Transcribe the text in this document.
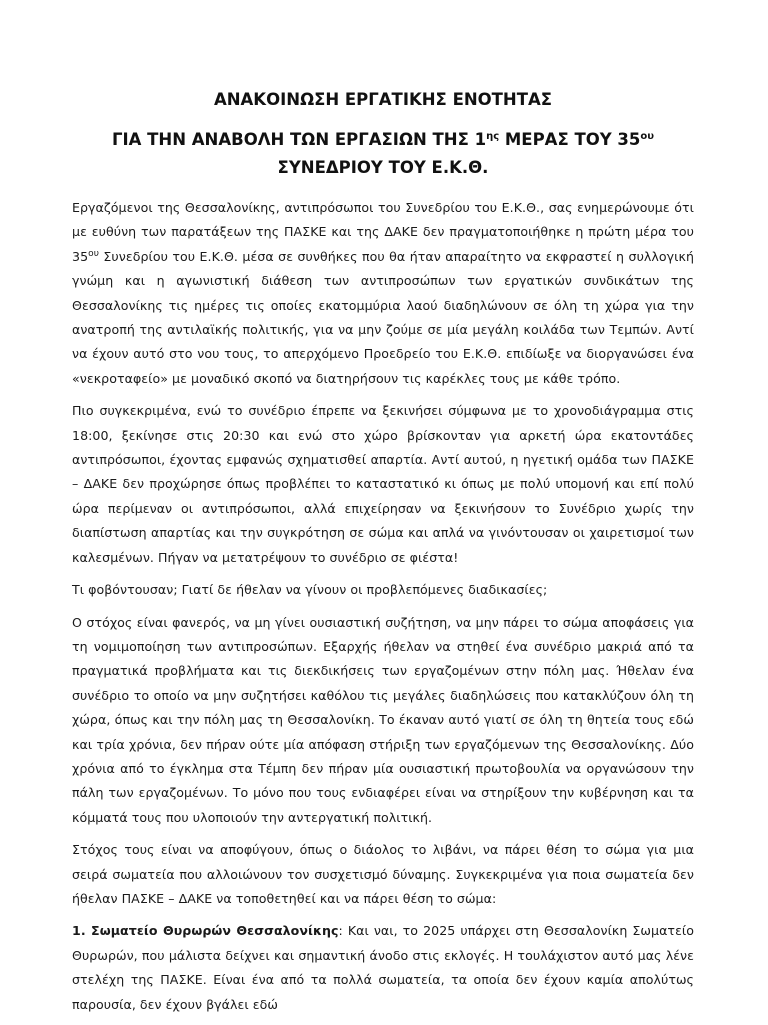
ΑΝΑΚΟΙΝΩΣΗ ΕΡΓΑΤΙΚΗΣ ΕΝΟΤΗΤΑΣ
ΓΙΑ ΤΗΝ ΑΝΑΒΟΛΗ ΤΩΝ ΕΡΓΑΣΙΩΝ ΤΗΣ $1^{\eta\varsigma}$ ΜΕΡΑΣ ΤΟΥ $35^{o\upsilon}$ ΣΥΝΕΔΡΙΟΥ ΤΟΥ Ε.Κ.Θ.

Εργαζόμενοι της Θεσσαλονίκης, αντιπρόσωποι του Συνεδρίου του Ε.Κ.Θ., σας ενημερώνουμε ότι με ευθύνη των παρατάξεων της ΠΑΣΚΕ και της ΔΑΚΕ δεν πραγματοποιήθηκε η πρώτη μέρα του $35^{o\upsilon}$ Συνεδρίου του Ε.Κ.Θ. μέσα σε συνθήκες που θα ήταν απαραίτητο να εκφραστεί η συλλογική γνώμη και η αγωνιστική διάθεση των αντιπροσώπων των εργατικών συνδικάτων της Θεσσαλονίκης τις ημέρες τις οποίες εκατομμύρια λαού διαδηλώνουν σε όλη τη χώρα για την ανατροπή της αντιλαϊκής πολιτικής, για να μην ζούμε σε μία μεγάλη κοιλάδα των Τεμπών. Αντί να έχουν αυτό στο νου τους, το απερχόμενο Προεδρείο του Ε.Κ.Θ. επιδίωξε να διοργανώσει ένα «νεκροταφείο» με μοναδικό σκοπό να διατηρήσουν τις καρέκλες τους με κάθε τρόπο.

Πιο συγκεκριμένα, ενώ το συνέδριο έπρεπε να ξεκινήσει σύμφωνα με το χρονοδιάγραμμα στις 18:00, ξεκίνησε στις 20:30 και ενώ στο χώρο βρίσκονταν για αρκετή ώρα εκατοντάδες αντιπρόσωποι, έχοντας εμφανώς σχηματισθεί απαρτία. Αντί αυτού, η ηγετική ομάδα των ΠΑΣΚΕ – ΔΑΚΕ δεν προχώρησε όπως προβλέπει το καταστατικό κι όπως με πολύ υπομονή και επί πολύ ώρα περίμεναν οι αντιπρόσωποι, αλλά επιχείρησαν να ξεκινήσουν το Συνέδριο χωρίς την διαπίστωση απαρτίας και την συγκρότηση σε σώμα και απλά να γινόντουσαν οι χαιρετισμοί των καλεσμένων. Πήγαν να μετατρέψουν το συνέδριο σε φιέστα!

Τι φοβόντουσαν; Γιατί δε ήθελαν να γίνουν οι προβλεπόμενες διαδικασίες;

Ο στόχος είναι φανερός, να μη γίνει ουσιαστική συζήτηση, να μην πάρει το σώμα αποφάσεις για τη νομιμοποίηση των αντιπροσώπων. Εξαρχής ήθελαν να στηθεί ένα συνέδριο μακριά από τα πραγματικά προβλήματα και τις διεκδικήσεις των εργαζομένων στην πόλη μας. Ήθελαν ένα συνέδριο το οποίο να μην συζητήσει καθόλου τις μεγάλες διαδηλώσεις που κατακλύζουν όλη τη χώρα, όπως και την πόλη μας τη Θεσσαλονίκη. Το έκαναν αυτό γιατί σε όλη τη θητεία τους εδώ και τρία χρόνια, δεν πήραν ούτε μία απόφαση στήριξη των εργαζόμενων της Θεσσαλονίκης. Δύο χρόνια από το έγκλημα στα Τέμπη δεν πήραν μία ουσιαστική πρωτοβουλία να οργανώσουν την πάλη των εργαζομένων. Το μόνο που τους ενδιαφέρει είναι να στηρίξουν την κυβέρνηση και τα κόμματά τους που υλοποιούν την αντεργατική πολιτική.

Στόχος τους είναι να αποφύγουν, όπως ο διάολος το λιβάνι, να πάρει θέση το σώμα για μια σειρά σωματεία που αλλοιώνουν τον συσχετισμό δύναμης. Συγκεκριμένα για ποια σωματεία δεν ήθελαν ΠΑΣΚΕ – ΔΑΚΕ να τοποθετηθεί και να πάρει θέση το σώμα:

1. Σωματείο Θυρωρών Θεσσαλονίκης: Και ναι, το 2025 υπάρχει στη Θεσσαλονίκη Σωματείο Θυρωρών, που μάλιστα δείχνει και σημαντική άνοδο στις εκλογές. Η τουλάχιστον αυτό μας λένε στελέχη της ΠΑΣΚΕ. Είναι ένα από τα πολλά σωματεία, τα οποία δεν έχουν καμία απολύτως παρουσία, δεν έχουν βγάλει εδώ
